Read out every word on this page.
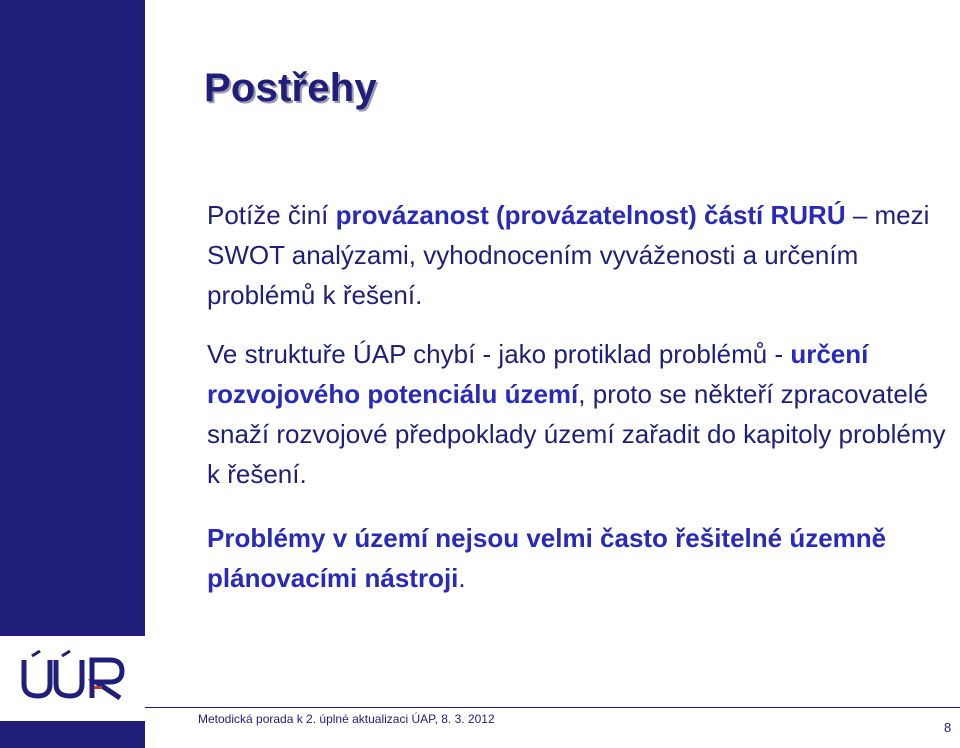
Postřehy
Potíže činí provázanost (provázatelnost) částí RURÚ – mezi SWOT analýzami, vyhodnocením vyváženosti a určením problémů k řešení.
Ve struktuře ÚAP chybí - jako protiklad problémů - určení rozvojového potenciálu území, proto se někteří zpracovatelé snaží rozvojové předpoklady území zařadit do kapitoly problémy k řešení.
Problémy v území nejsou velmi často řešitelné územně plánovacími nástroji.
Metodická porada k 2. úplné aktualizaci ÚAP, 8. 3. 2012
8
